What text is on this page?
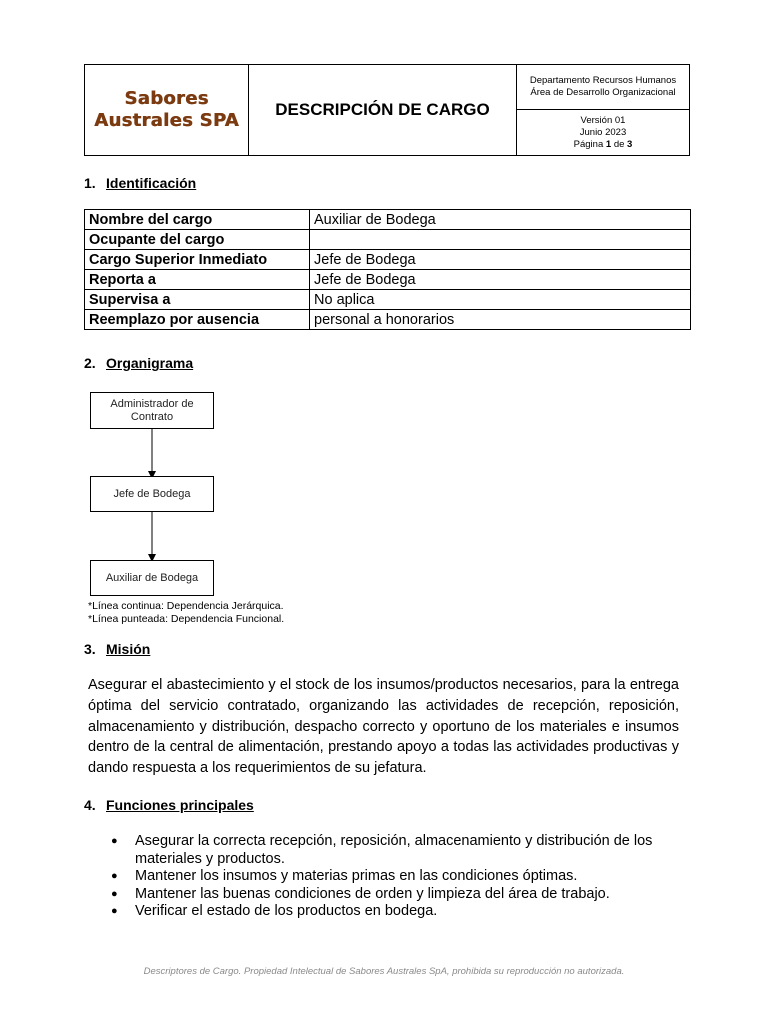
Sabores
Australes SPA
DESCRIPCIÓN DE CARGO
Departamento Recursos Humanos
Área de Desarrollo Organizacional
Versión 01
Junio 2023
Página 1 de 3
1. Identificación
Nombre del cargo	Auxiliar de Bodega
Ocupante del cargo	
Cargo Superior Inmediato	Jefe de Bodega
Reporta a	Jefe de Bodega
Supervisa a	No aplica
Reemplazo por ausencia	personal a honorarios
2. Organigrama
Administrador de
Contrato
Jefe de Bodega
Auxiliar de Bodega
*Línea continua: Dependencia Jerárquica.
*Línea punteada: Dependencia Funcional.
3. Misión
Asegurar el abastecimiento y el stock de los insumos/productos necesarios, para la entrega óptima del servicio contratado, organizando las actividades de recepción, reposición, almacenamiento y distribución, despacho correcto y oportuno de los materiales e insumos dentro de la central de alimentación, prestando apoyo a todas las actividades productivas y dando respuesta a los requerimientos de su jefatura.
4. Funciones principales
● Asegurar la correcta recepción, reposición, almacenamiento y distribución de los materiales y productos.
● Mantener los insumos y materias primas en las condiciones óptimas.
● Mantener las buenas condiciones de orden y limpieza del área de trabajo.
● Verificar el estado de los productos en bodega.
Descriptores de Cargo. Propiedad Intelectual de Sabores Australes SpA, prohibida su reproducción no autorizada.
